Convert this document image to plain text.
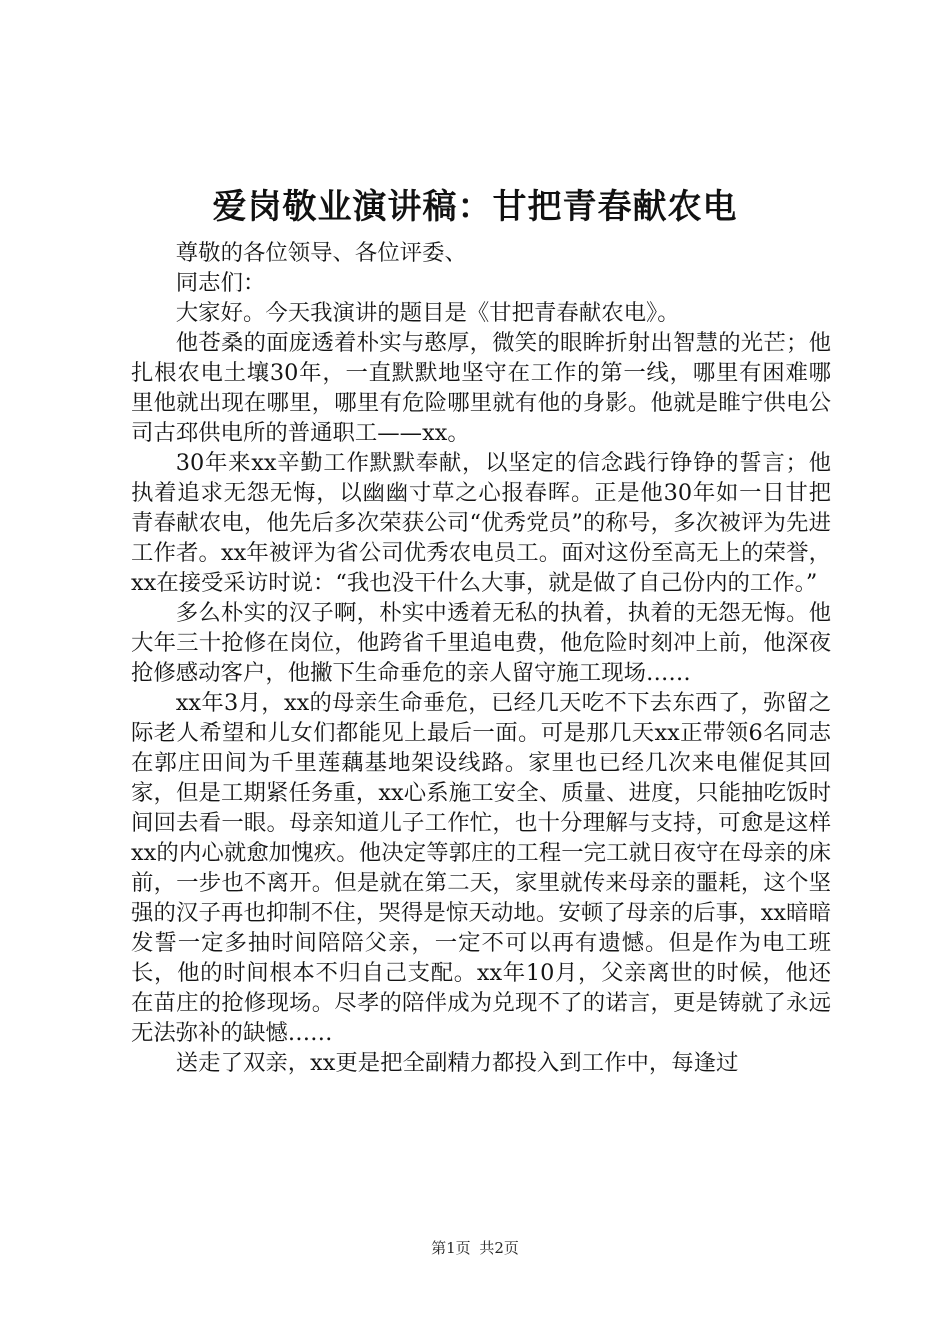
爱岗敬业演讲稿：甘把青春献农电

尊敬的各位领导、各位评委、

同志们：

大家好。今天我演讲的题目是《甘把青春献农电》。

他苍桑的面庞透着朴实与憨厚，微笑的眼眸折射出智慧的光芒；他扎根农电土壤30年，一直默默地坚守在工作的第一线，哪里有困难哪里他就出现在哪里，哪里有危险哪里就有他的身影。他就是睢宁供电公司古邳供电所的普通职工——xx。

30年来xx辛勤工作默默奉献，以坚定的信念践行铮铮的誓言；他执着追求无怨无悔，以幽幽寸草之心报春晖。正是他30年如一日甘把青春献农电，他先后多次荣获公司“优秀党员”的称号，多次被评为先进工作者。xx年被评为省公司优秀农电员工。面对这份至高无上的荣誉，xx在接受采访时说：“我也没干什么大事，就是做了自己份内的工作。”

多么朴实的汉子啊，朴实中透着无私的执着，执着的无怨无悔。他大年三十抢修在岗位，他跨省千里追电费，他危险时刻冲上前，他深夜抢修感动客户，他撇下生命垂危的亲人留守施工现场……

xx年3月，xx的母亲生命垂危，已经几天吃不下去东西了，弥留之际老人希望和儿女们都能见上最后一面。可是那几天xx正带领6名同志在郭庄田间为千里莲藕基地架设线路。家里也已经几次来电催促其回家，但是工期紧任务重，xx心系施工安全、质量、进度，只能抽吃饭时间回去看一眼。母亲知道儿子工作忙，也十分理解与支持，可愈是这样xx的内心就愈加愧疚。他决定等郭庄的工程一完工就日夜守在母亲的床前，一步也不离开。但是就在第二天，家里就传来母亲的噩耗，这个坚强的汉子再也抑制不住，哭得是惊天动地。安顿了母亲的后事，xx暗暗发誓一定多抽时间陪陪父亲，一定不可以再有遗憾。但是作为电工班长，他的时间根本不归自己支配。xx年10月，父亲离世的时候，他还在苗庄的抢修现场。尽孝的陪伴成为兑现不了的诺言，更是铸就了永远无法弥补的缺憾……

送走了双亲，xx更是把全副精力都投入到工作中，每逢过

第1页 共2页
